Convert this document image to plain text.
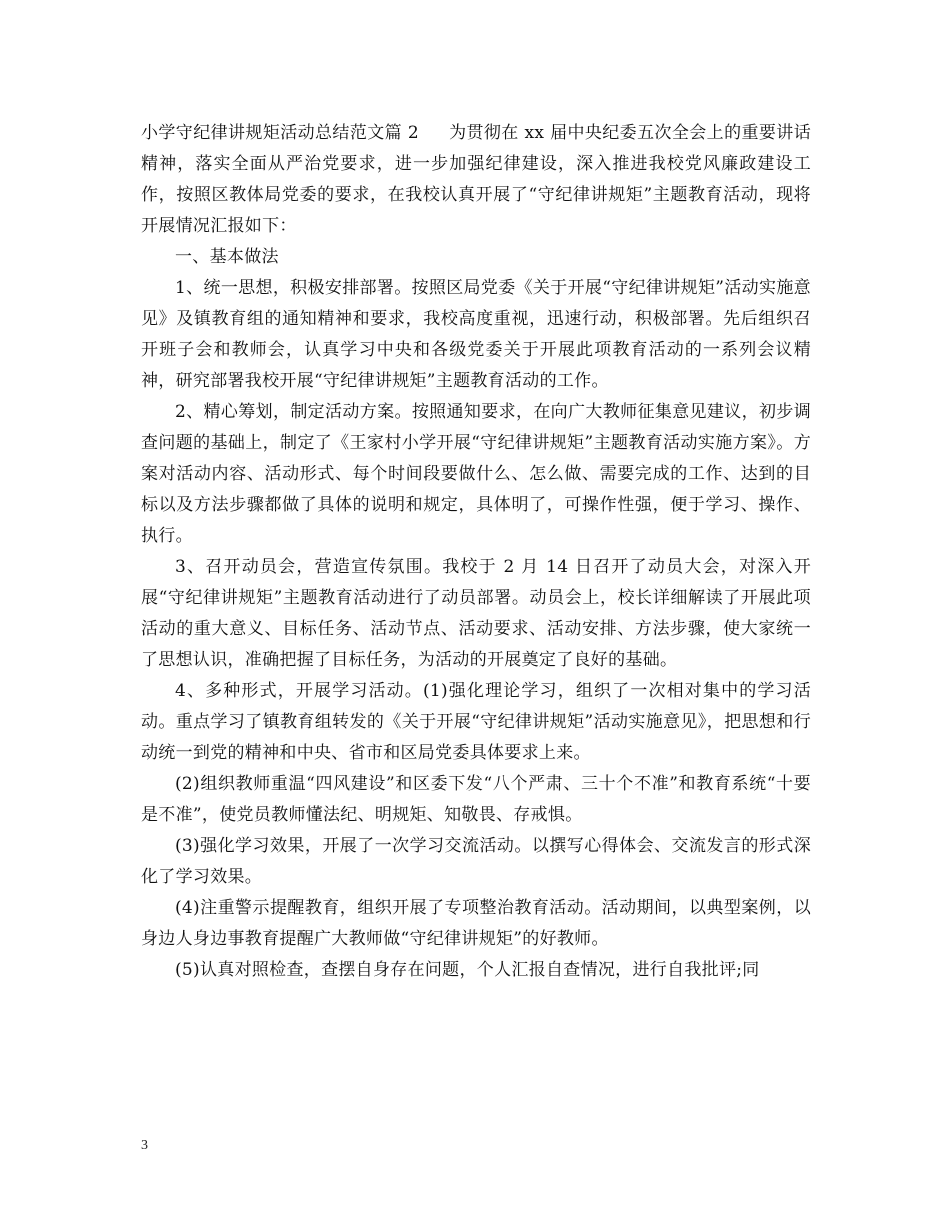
小学守纪律讲规矩活动总结范文篇 2 为贯彻在 xx 届中央纪委五次全会上的重要讲话精神，落实全面从严治党要求，进一步加强纪律建设，深入推进我校党风廉政建设工作，按照区教体局党委的要求，在我校认真开展了“守纪律讲规矩”主题教育活动，现将开展情况汇报如下：

一、基本做法

1、统一思想，积极安排部署。按照区局党委《关于开展“守纪律讲规矩”活动实施意见》及镇教育组的通知精神和要求，我校高度重视，迅速行动，积极部署。先后组织召开班子会和教师会，认真学习中央和各级党委关于开展此项教育活动的一系列会议精神，研究部署我校开展“守纪律讲规矩”主题教育活动的工作。

2、精心筹划，制定活动方案。按照通知要求，在向广大教师征集意见建议，初步调查问题的基础上，制定了《王家村小学开展“守纪律讲规矩”主题教育活动实施方案》。方案对活动内容、活动形式、每个时间段要做什么、怎么做、需要完成的工作、达到的目标以及方法步骤都做了具体的说明和规定，具体明了，可操作性强，便于学习、操作、执行。

3、召开动员会，营造宣传氛围。我校于 2 月 14 日召开了动员大会，对深入开展“守纪律讲规矩”主题教育活动进行了动员部署。动员会上，校长详细解读了开展此项活动的重大意义、目标任务、活动节点、活动要求、活动安排、方法步骤，使大家统一了思想认识，准确把握了目标任务，为活动的开展奠定了良好的基础。

4、多种形式，开展学习活动。(1)强化理论学习，组织了一次相对集中的学习活动。重点学习了镇教育组转发的《关于开展“守纪律讲规矩”活动实施意见》，把思想和行动统一到党的精神和中央、省市和区局党委具体要求上来。

(2)组织教师重温“四风建设”和区委下发“八个严肃、三十个不准”和教育系统“十要是不准”，使党员教师懂法纪、明规矩、知敬畏、存戒惧。

(3)强化学习效果，开展了一次学习交流活动。以撰写心得体会、交流发言的形式深化了学习效果。

(4)注重警示提醒教育，组织开展了专项整治教育活动。活动期间，以典型案例，以身边人身边事教育提醒广大教师做“守纪律讲规矩”的好教师。

(5)认真对照检查，查摆自身存在问题，个人汇报自查情况，进行自我批评;同

3
